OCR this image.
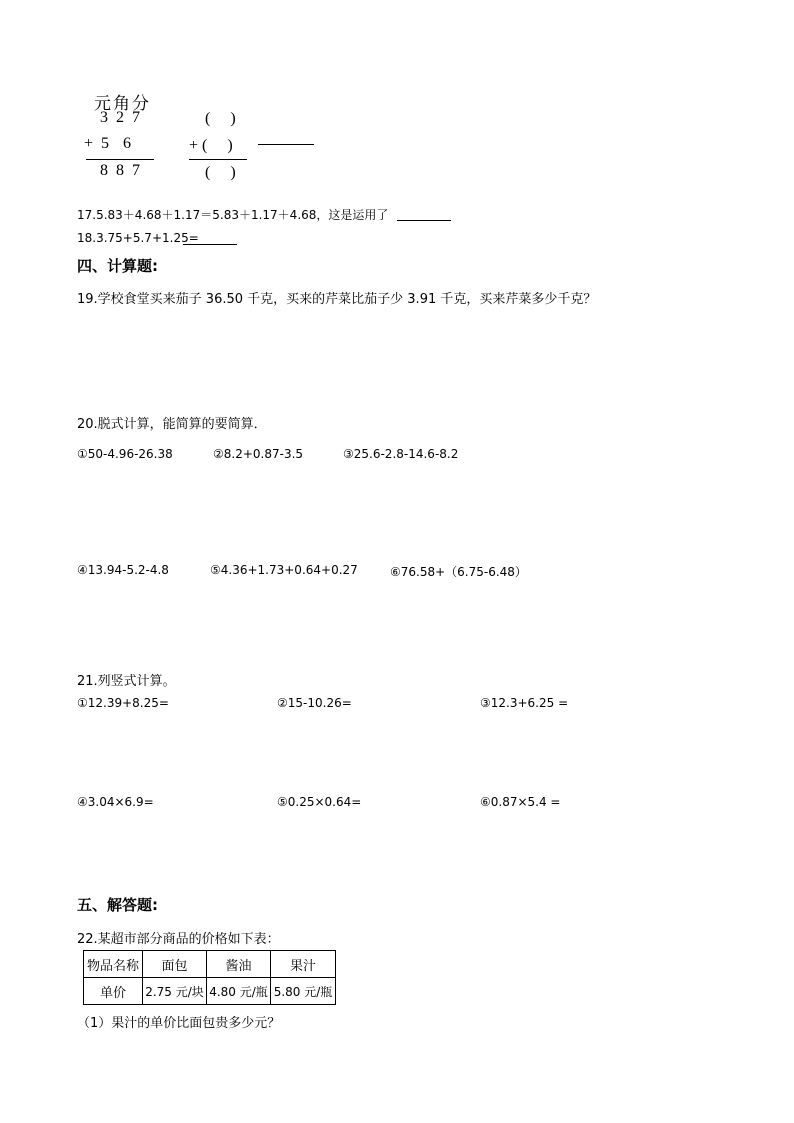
元角分
3 2 7
+ 5  6
8 8 7
(     )
+ (     )
(     )
17.5.83＋4.68＋1.17＝5.83＋1.17＋4.68，这是运用了
18.3.75+5.7+1.25=
四、计算题:
19.学校食堂买来茄子 36.50 千克，买来的芹菜比茄子少 3.91 千克，买来芹菜多少千克？
20.脱式计算，能简算的要简算．
①50-4.96-26.38	②8.2+0.87-3.5	③25.6-2.8-14.6-8.2
④13.94-5.2-4.8	⑤4.36+1.73+0.64+0.27	⑥76.58+（6.75-6.48）
21.列竖式计算。
①12.39+8.25=	②15-10.26=	③12.3+6.25 =
④3.04×6.9=	⑤0.25×0.64=	⑥0.87×5.4 =
五、解答题:
22.某超市部分商品的价格如下表：
物品名称	面包	酱油	果汁
单价	2.75 元/块	4.80 元/瓶	5.80 元/瓶
（1）果汁的单价比面包贵多少元？
